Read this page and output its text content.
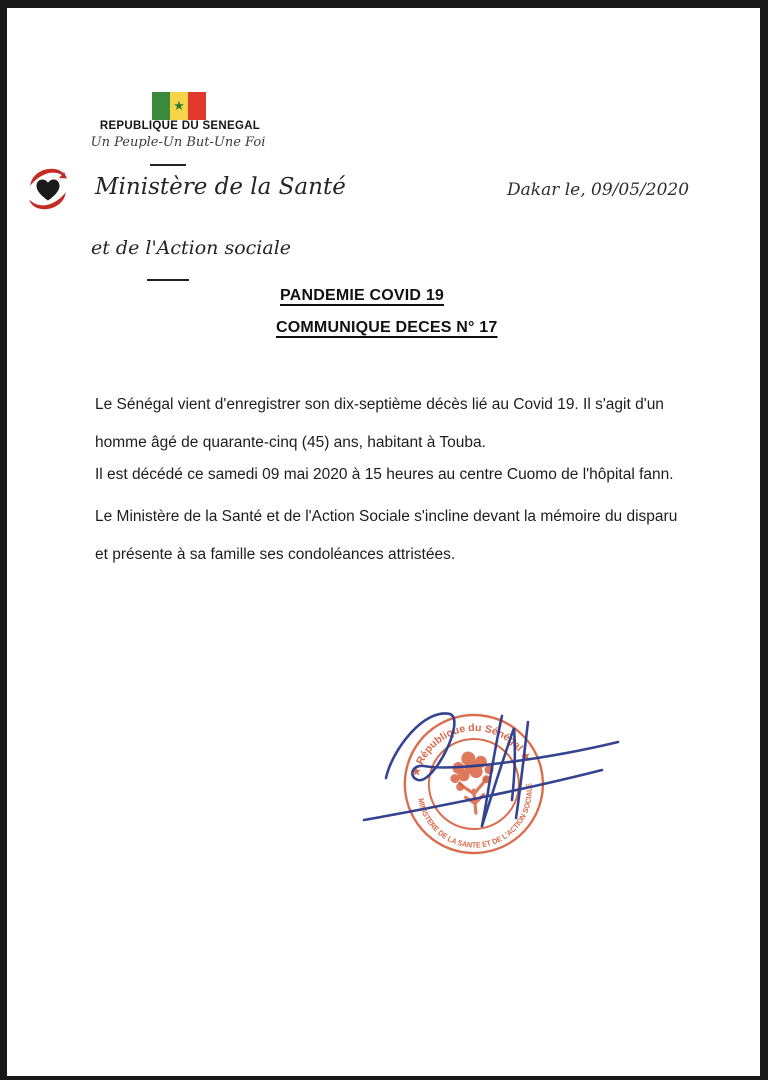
★
REPUBLIQUE DU SENEGAL
Un Peuple-Un But-Une Foi
Ministère de la Santé	Dakar le, 09/05/2020
et de l'Action sociale
PANDEMIE COVID 19
COMMUNIQUE DECES N° 17
Le Sénégal vient d'enregistrer son dix-septième décès lié au Covid 19. Il s'agit d'un
homme âgé de quarante-cinq (45) ans, habitant à Touba.
Il est décédé ce samedi 09 mai 2020 à 15 heures au centre Cuomo de l'hôpital fann.
Le Ministère de la Santé et de l'Action Sociale s'incline devant la mémoire du disparu
et présente à sa famille ses condoléances attristées.
★ République du Sénégal ★
MINISTERE DE LA SANTE ET DE L'ACTION SOCIALE
